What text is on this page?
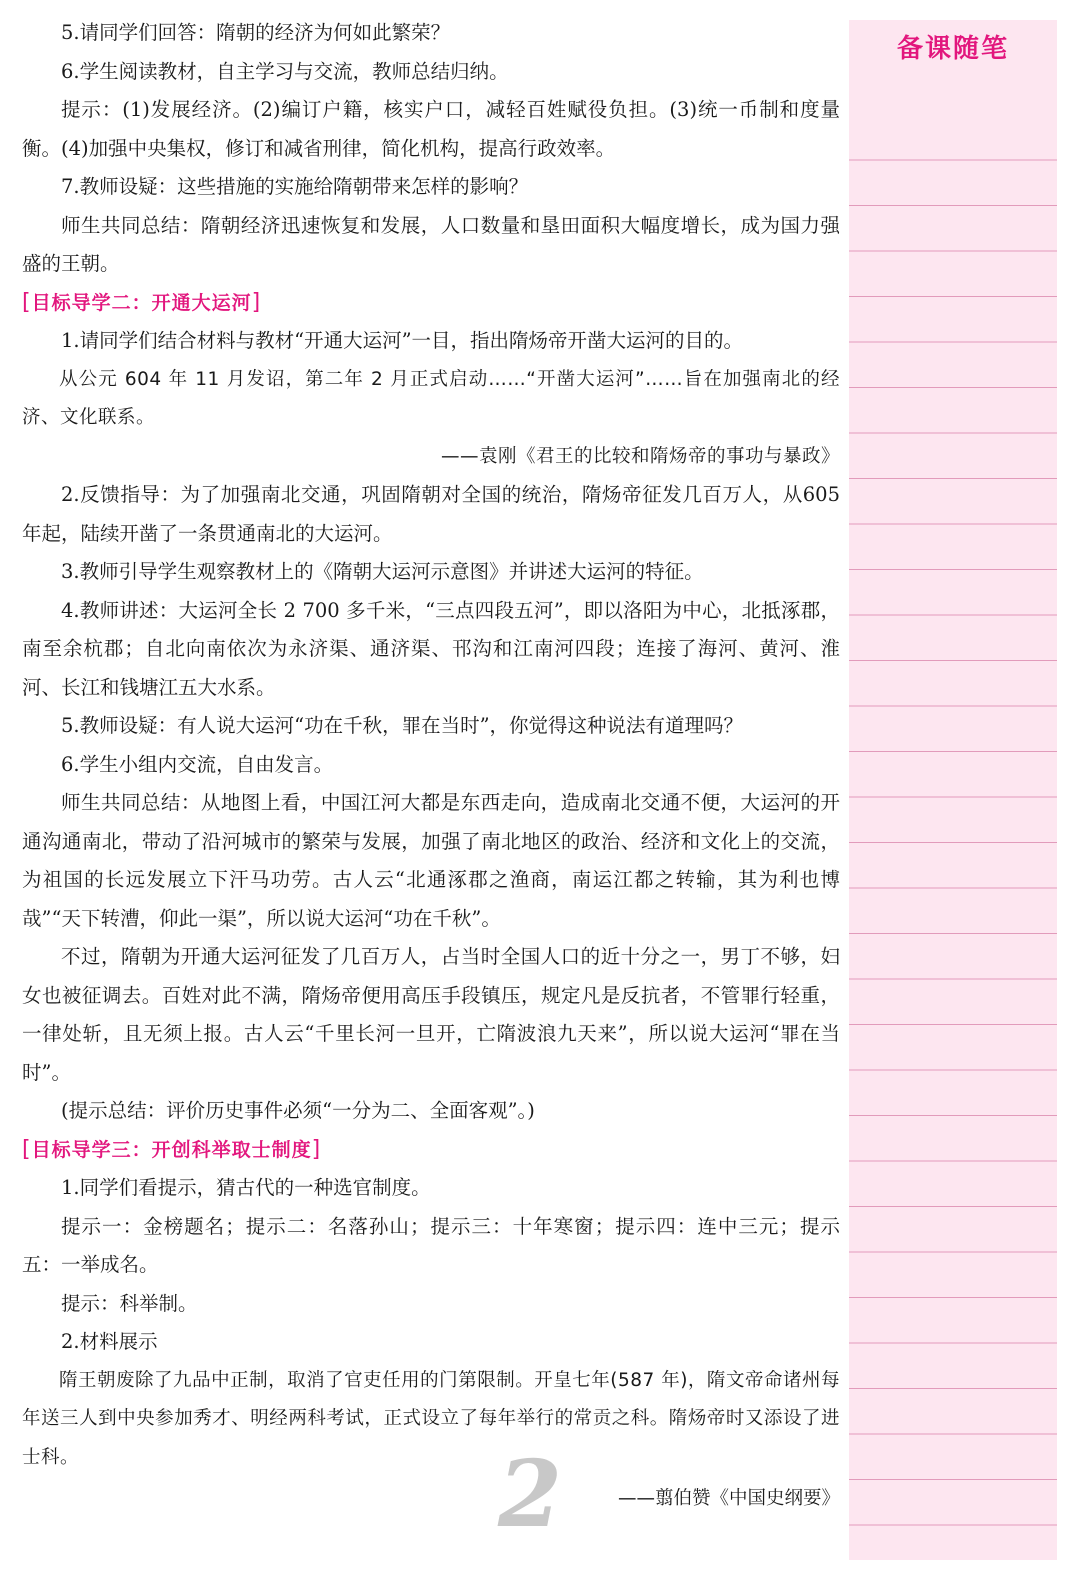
备课随笔

5.请同学们回答：隋朝的经济为何如此繁荣？

6.学生阅读教材，自主学习与交流，教师总结归纳。

提示：(1)发展经济。(2)编订户籍，核实户口，减轻百姓赋役负担。(3)统一币制和度量衡。(4)加强中央集权，修订和减省刑律，简化机构，提高行政效率。

7.教师设疑：这些措施的实施给隋朝带来怎样的影响？

师生共同总结：隋朝经济迅速恢复和发展，人口数量和垦田面积大幅度增长，成为国力强盛的王朝。

[目标导学二：开通大运河]

1.请同学们结合材料与教材“开通大运河”一目，指出隋炀帝开凿大运河的目的。

从公元 604 年 11 月发诏，第二年 2 月正式启动……“开凿大运河”……旨在加强南北的经济、文化联系。

——袁刚《君王的比较和隋炀帝的事功与暴政》

2.反馈指导：为了加强南北交通，巩固隋朝对全国的统治，隋炀帝征发几百万人，从605 年起，陆续开凿了一条贯通南北的大运河。

3.教师引导学生观察教材上的《隋朝大运河示意图》并讲述大运河的特征。

4.教师讲述：大运河全长 2 700 多千米，“三点四段五河”，即以洛阳为中心，北抵涿郡，南至余杭郡；自北向南依次为永济渠、通济渠、邗沟和江南河四段；连接了海河、黄河、淮河、长江和钱塘江五大水系。

5.教师设疑：有人说大运河“功在千秋，罪在当时”，你觉得这种说法有道理吗？

6.学生小组内交流，自由发言。

师生共同总结：从地图上看，中国江河大都是东西走向，造成南北交通不便，大运河的开通沟通南北，带动了沿河城市的繁荣与发展，加强了南北地区的政治、经济和文化上的交流，为祖国的长远发展立下汗马功劳。古人云“北通涿郡之渔商，南运江都之转输，其为利也博哉”“天下转漕，仰此一渠”，所以说大运河“功在千秋”。

不过，隋朝为开通大运河征发了几百万人，占当时全国人口的近十分之一，男丁不够，妇女也被征调去。百姓对此不满，隋炀帝便用高压手段镇压，规定凡是反抗者，不管罪行轻重，一律处斩，且无须上报。古人云“千里长河一旦开，亡隋波浪九天来”，所以说大运河“罪在当时”。

(提示总结：评价历史事件必须“一分为二、全面客观”。)

[目标导学三：开创科举取士制度]

1.同学们看提示，猜古代的一种选官制度。

提示一：金榜题名；提示二：名落孙山；提示三：十年寒窗；提示四：连中三元；提示五：一举成名。

提示：科举制。

2.材料展示

隋王朝废除了九品中正制，取消了官吏任用的门第限制。开皇七年(587 年)，隋文帝命诸州每年送三人到中央参加秀才、明经两科考试，正式设立了每年举行的常贡之科。隋炀帝时又添设了进士科。	2	——翦伯赞《中国史纲要》
